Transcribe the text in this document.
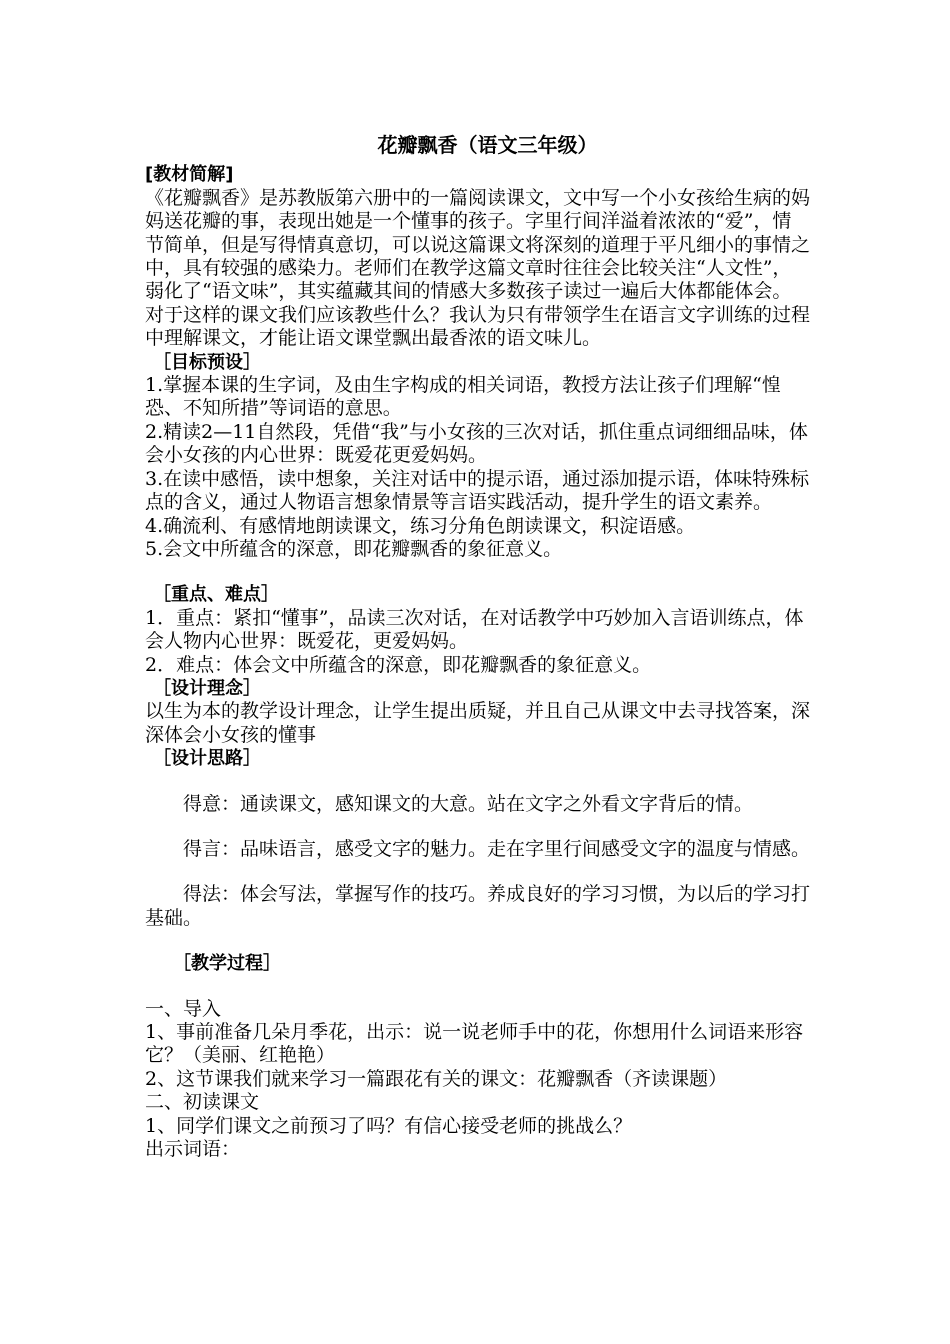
花瓣飘香（语文三年级）
[教材简解]

《花瓣飘香》是苏教版第六册中的一篇阅读课文，文中写一个小女孩给生病的妈妈送花瓣的事，表现出她是一个懂事的孩子。字里行间洋溢着浓浓的“爱”，情节简单，但是写得情真意切，可以说这篇课文将深刻的道理于平凡细小的事情之中，具有较强的感染力。老师们在教学这篇文章时往往会比较关注“人文性”，弱化了“语文味”，其实蕴藏其间的情感大多数孩子读过一遍后大体都能体会。对于这样的课文我们应该教些什么？我认为只有带领学生在语言文字训练的过程中理解课文，才能让语文课堂飘出最香浓的语文味儿。

［目标预设］

1.掌握本课的生字词，及由生字构成的相关词语，教授方法让孩子们理解“惶恐、不知所措”等词语的意思。

2.精读2—11自然段，凭借“我”与小女孩的三次对话，抓住重点词细细品味，体会小女孩的内心世界：既爱花更爱妈妈。

3.在读中感悟，读中想象，关注对话中的提示语，通过添加提示语，体味特殊标点的含义，通过人物语言想象情景等言语实践活动，提升学生的语文素养。

4.确流利、有感情地朗读课文，练习分角色朗读课文，积淀语感。

5.会文中所蕴含的深意，即花瓣飘香的象征意义。

［重点、难点］

1．重点：紧扣“懂事”，品读三次对话，在对话教学中巧妙加入言语训练点，体会人物内心世界：既爱花，更爱妈妈。

2．难点：体会文中所蕴含的深意，即花瓣飘香的象征意义。

［设计理念］

以生为本的教学设计理念，让学生提出质疑，并且自己从课文中去寻找答案，深深体会小女孩的懂事

［设计思路］

得意：通读课文，感知课文的大意。站在文字之外看文字背后的情。

得言：品味语言，感受文字的魅力。走在字里行间感受文字的温度与情感。

得法：体会写法，掌握写作的技巧。养成良好的学习习惯，为以后的学习打基础。

［教学过程］

一、导入

1、事前准备几朵月季花，出示：说一说老师手中的花，你想用什么词语来形容它？（美丽、红艳艳）

2、这节课我们就来学习一篇跟花有关的课文：花瓣飘香（齐读课题）

二、初读课文

1、同学们课文之前预习了吗？有信心接受老师的挑战么？

出示词语：
